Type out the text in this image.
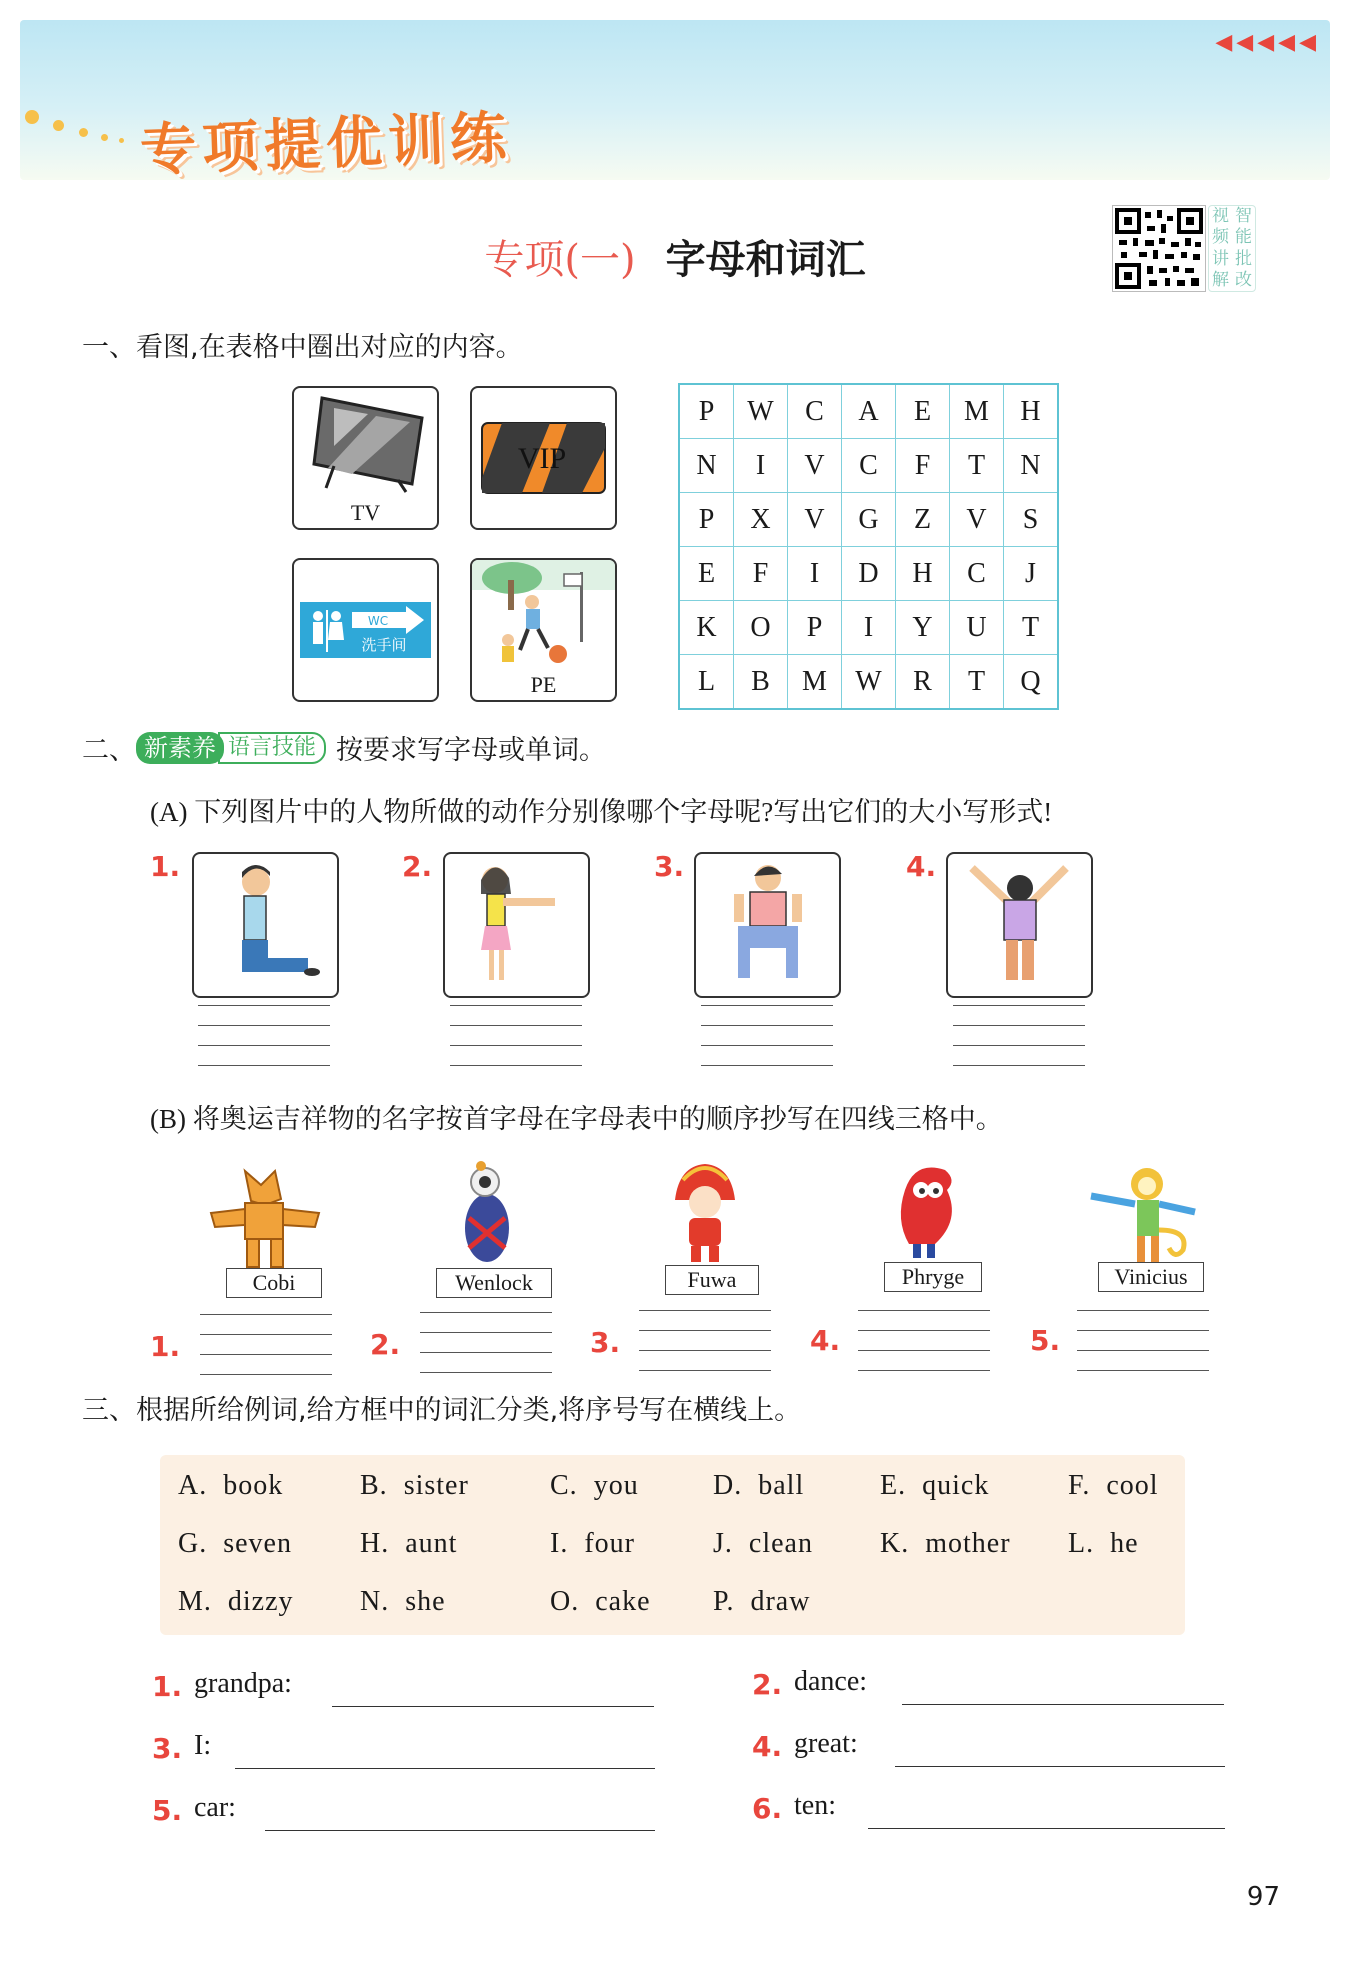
专项提优训练
◀◀◀◀◀
专项(一) 字母和词汇
视
频
讲
解
智
能
批
改
一、看图,在表格中圈出对应的内容。
TV
VIP
WC
洗手间
PE
P	W	C	A	E	M	H
N	I	V	C	F	T	N
P	X	V	G	Z	V	S
E	F	I	D	H	C	J
K	O	P	I	Y	U	T
L	B	M	W	R	T	Q
二、 新素养 语言技能 按要求写字母或单词。
(A) 下列图片中的人物所做的动作分别像哪个字母呢?写出它们的大小写形式!
1.	2.	3.	4.
(B) 将奥运吉祥物的名字按首字母在字母表中的顺序抄写在四线三格中。
Cobi	Wenlock	Fuwa	Phryge	Vinicius
1.	2.	3.	4.	5.
三、根据所给例词,给方框中的词汇分类,将序号写在横线上。
A. book	B. sister	C. you	D. ball	E. quick	F. cool
G. seven H. aunt	I. four	J. clean K. mother L. he
M. dizzy N. she	O. cake P. draw
1. grandpa:	2. dance:
3. I:	4. great:
5. car:	6. ten:
97
